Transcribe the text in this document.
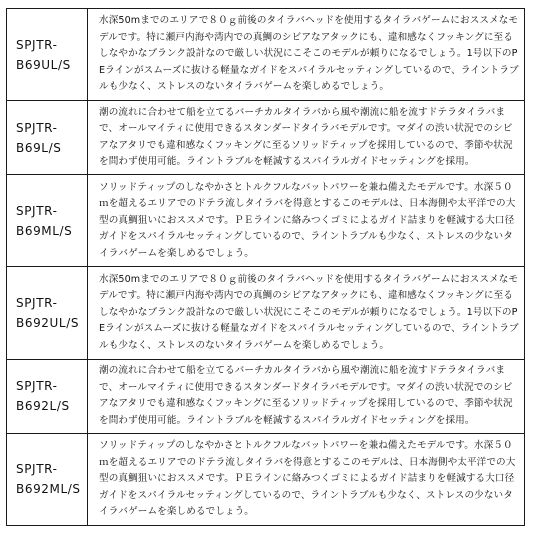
SPJTR-
B69UL/S	水深50mまでのエリアで８０ｇ前後のタイラバヘッドを使用するタイラバゲームにおススメなモデルです。特に瀬戸内海や湾内での真鯛のシビアなアタックにも、違和感なくフッキングに至るしなやかなブランク設計なので厳しい状況にこそこのモデルが頼りになるでしょう。1号以下のPEラインがスムーズに抜ける軽量なガイドをスパイラルセッティングしているので、ライントラブルも少なく、ストレスのないタイラバゲームを楽しめるでしょう。

SPJTR-
B69L/S	潮の流れに合わせて船を立てるバーチカルタイラバから風や潮流に船を流すドテラタイラバまで、オールマイティに使用できるスタンダードタイラバモデルです。マダイの渋い状況でのシビアなアタリでも違和感なくフッキングに至るソリッドティップを採用しているので、季節や状況を問わず使用可能。ライントラブルを軽減するスパイラルガイドセッティングを採用。

SPJTR-
B69ML/S	ソリッドティップのしなやかさとトルクフルなバットパワーを兼ね備えたモデルです。水深５０ｍを超えるエリアでのドテラ流しタイラバを得意とするこのモデルは、日本海側や太平洋での大型の真鯛狙いにおススメです。ＰＥラインに絡みつくゴミによるガイド詰まりを軽減する大口径ガイドをスパイラルセッティングしているので、ライントラブルも少なく、ストレスの少ないタイラバゲームを楽しめるでしょう。

SPJTR-
B692UL/S	水深50mまでのエリアで８０ｇ前後のタイラバヘッドを使用するタイラバゲームにおススメなモデルです。特に瀬戸内海や湾内での真鯛のシビアなアタックにも、違和感なくフッキングに至るしなやかなブランク設計なので厳しい状況にこそこのモデルが頼りになるでしょう。1号以下のPEラインがスムーズに抜ける軽量なガイドをスパイラルセッティングしているので、ライントラブルも少なく、ストレスのないタイラバゲームを楽しめるでしょう。

SPJTR-
B692L/S	潮の流れに合わせて船を立てるバーチカルタイラバから風や潮流に船を流すドテラタイラバまで、オールマイティに使用できるスタンダードタイラバモデルです。マダイの渋い状況でのシビアなアタリでも違和感なくフッキングに至るソリッドティップを採用しているので、季節や状況を問わず使用可能。ライントラブルを軽減するスパイラルガイドセッティングを採用。

SPJTR-
B692ML/S	ソリッドティップのしなやかさとトルクフルなバットパワーを兼ね備えたモデルです。水深５０ｍを超えるエリアでのドテラ流しタイラバを得意とするこのモデルは、日本海側や太平洋での大型の真鯛狙いにおススメです。ＰＥラインに絡みつくゴミによるガイド詰まりを軽減する大口径ガイドをスパイラルセッティングしているので、ライントラブルも少なく、ストレスの少ないタイラバゲームを楽しめるでしょう。
